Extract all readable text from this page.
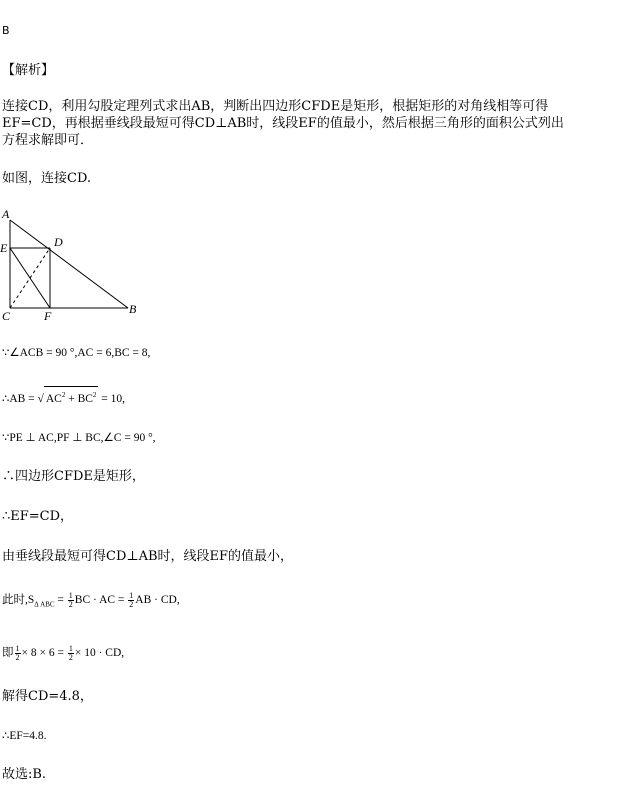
B
【解析】
连接CD，利用勾股定理列式求出AB，判断出四边形CFDE是矩形，根据矩形的对角线相等可得
EF=CD，再根据垂线段最短可得CD⊥AB时，线段EF的值最小，然后根据三角形的面积公式列出
方程求解即可．
如图，连接CD.
A
E	D
C	F	B
∵∠ACB = 90 °,AC = 6,BC = 8,
∴AB = √ $AC^2 + BC^2 = 10$,
∵PE ⊥ AC,PF ⊥ BC,∠C = 90 °,
∴四边形CFDE是矩形，
∴EF=CD，
由垂线段最短可得CD⊥AB时，线段EF的值最小，
此时$,S_{\Delta ABC} = \frac{1}{2}$ BC · AC = $\frac{1}{2}$ AB · CD,
即 $\frac{1}{2} \times 8 \times 6 = \frac{1}{2} \times 10$ · CD,
解得CD=4.8，
∴EF=4.8.
故选:B.
